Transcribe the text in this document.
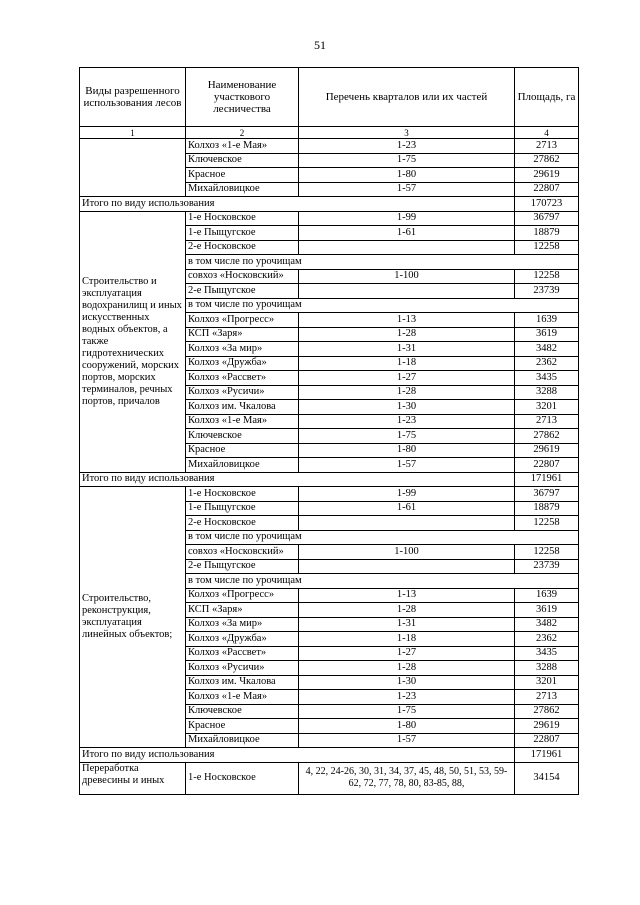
51
Виды разрешенного использования лесов	Наименование участкового лесничества	Перечень кварталов или их частей	Площадь, га
1	2	3	4
	Колхоз «1-е Мая»	1-23	2713
	Ключевское	1-75	27862
	Красное	1-80	29619
	Михайловицкое	1-57	22807
Итого по виду использования			170723
Строительство и эксплуатация водохранилищ и иных искусственных водных объектов, а также гидротехнических сооружений, морских портов, морских терминалов, речных портов, причалов	1-е Носковское	1-99	36797
	1-е Пыщугское	1-61	18879
	2-е Носковское		12258
	в том числе по урочищам		
	совхоз «Носковский»	1-100	12258
	2-е Пыщугское		23739
	в том числе по урочищам		
	Колхоз «Прогресс»	1-13	1639
	КСП «Заря»	1-28	3619
	Колхоз «За мир»	1-31	3482
	Колхоз «Дружба»	1-18	2362
	Колхоз «Рассвет»	1-27	3435
	Колхоз «Русичи»	1-28	3288
	Колхоз им. Чкалова	1-30	3201
	Колхоз «1-е Мая»	1-23	2713
	Ключевское	1-75	27862
	Красное	1-80	29619
	Михайловицкое	1-57	22807
Итого по виду использования			171961
Строительство, реконструкция, эксплуатация линейных объектов;	1-е Носковское	1-99	36797
	1-е Пыщугское	1-61	18879
	2-е Носковское		12258
	в том числе по урочищам		
	совхоз «Носковский»	1-100	12258
	2-е Пыщугское		23739
	в том числе по урочищам		
	Колхоз «Прогресс»	1-13	1639
	КСП «Заря»	1-28	3619
	Колхоз «За мир»	1-31	3482
	Колхоз «Дружба»	1-18	2362
	Колхоз «Рассвет»	1-27	3435
	Колхоз «Русичи»	1-28	3288
	Колхоз им. Чкалова	1-30	3201
	Колхоз «1-е Мая»	1-23	2713
	Ключевское	1-75	27862
	Красное	1-80	29619
	Михайловицкое	1-57	22807
Итого по виду использования			171961
Переработка древесины и иных	1-е Носковское	4, 22, 24-26, 30, 31, 34, 37, 45, 48, 50, 51, 53, 59-62, 72, 77, 78, 80, 83-85, 88,	34154
